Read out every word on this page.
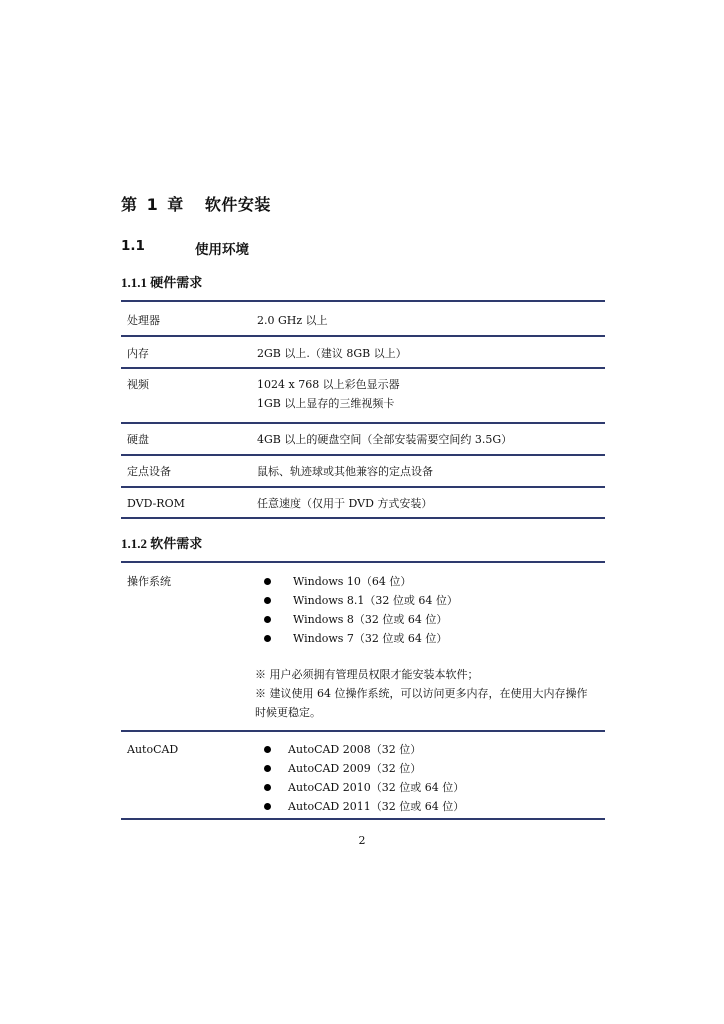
第 1 章 软件安装
1.1	使用环境
1.1.1 硬件需求
处理器	2.0 GHz 以上
内存	2GB 以上.（建议 8GB 以上）
视频	1024 x 768 以上彩色显示器
1GB 以上显存的三维视频卡
硬盘	4GB 以上的硬盘空间（全部安装需要空间约 3.5G）
定点设备	鼠标、轨迹球或其他兼容的定点设备
DVD-ROM	任意速度（仅用于 DVD 方式安装）
1.1.2 软件需求
操作系统	Windows 10（64 位）
Windows 8.1（32 位或 64 位）
Windows 8（32 位或 64 位）
Windows 7（32 位或 64 位）
※ 用户必须拥有管理员权限才能安装本软件；
※ 建议使用 64 位操作系统，可以访问更多内存，在使用大内存操作时候更稳定。
AutoCAD	AutoCAD 2008（32 位）
AutoCAD 2009（32 位）
AutoCAD 2010（32 位或 64 位）
AutoCAD 2011（32 位或 64 位）
2
